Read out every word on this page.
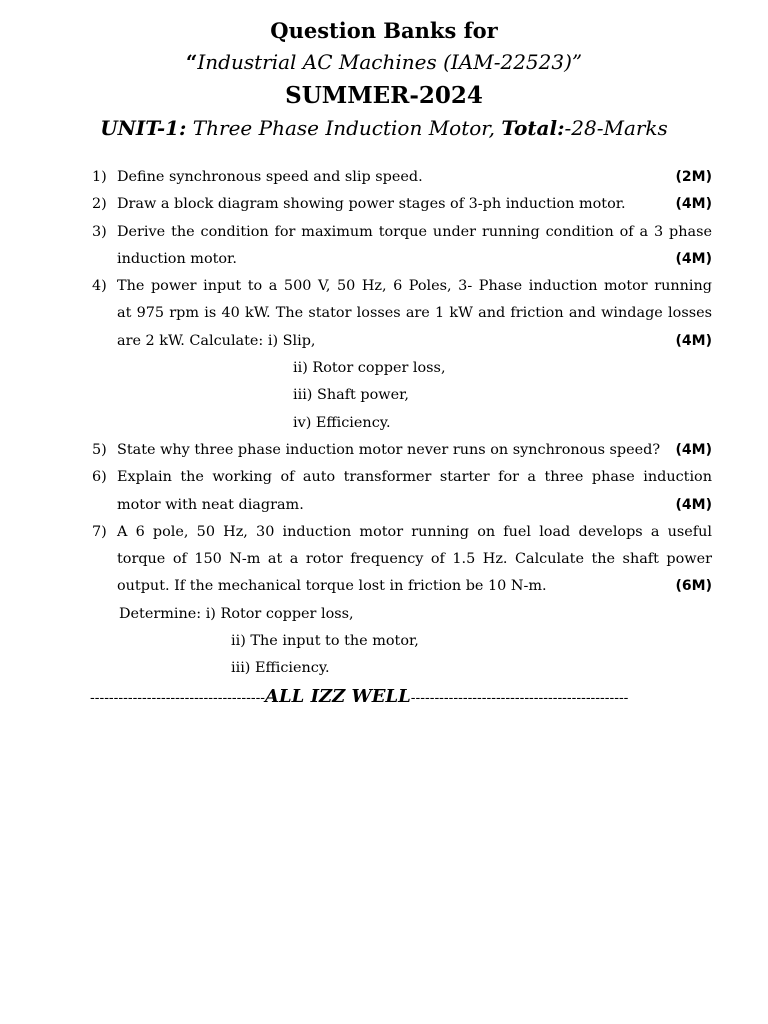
Question Banks for
“Industrial AC Machines (IAM-22523)”
SUMMER-2024
UNIT-1: Three Phase Induction Motor, Total:-28-Marks
1) Define synchronous speed and slip speed.	(2M)
2) Draw a block diagram showing power stages of 3-ph induction motor.	(4M)
3) Derive the condition for maximum torque under running condition of a 3 phase
induction motor.	(4M)
4) The power input to a 500 V, 50 Hz, 6 Poles, 3- Phase induction motor running
at 975 rpm is 40 kW. The stator losses are 1 kW and friction and windage losses
are 2 kW. Calculate: i) Slip,	(4M)
ii) Rotor copper loss,
iii) Shaft power,
iv) Efficiency.
5) State why three phase induction motor never runs on synchronous speed? (4M)
6) Explain the working of auto transformer starter for a three phase induction
motor with neat diagram.	(4M)
7) A 6 pole, 50 Hz, 30 induction motor running on fuel load develops a useful
torque of 150 N-m at a rotor frequency of 1.5 Hz. Calculate the shaft power
output. If the mechanical torque lost in friction be 10 N-m.	(6M)
Determine: i) Rotor copper loss,
ii) The input to the motor,
iii) Efficiency.
-------------------------------------ALL IZZ WELL----------------------------------------------
